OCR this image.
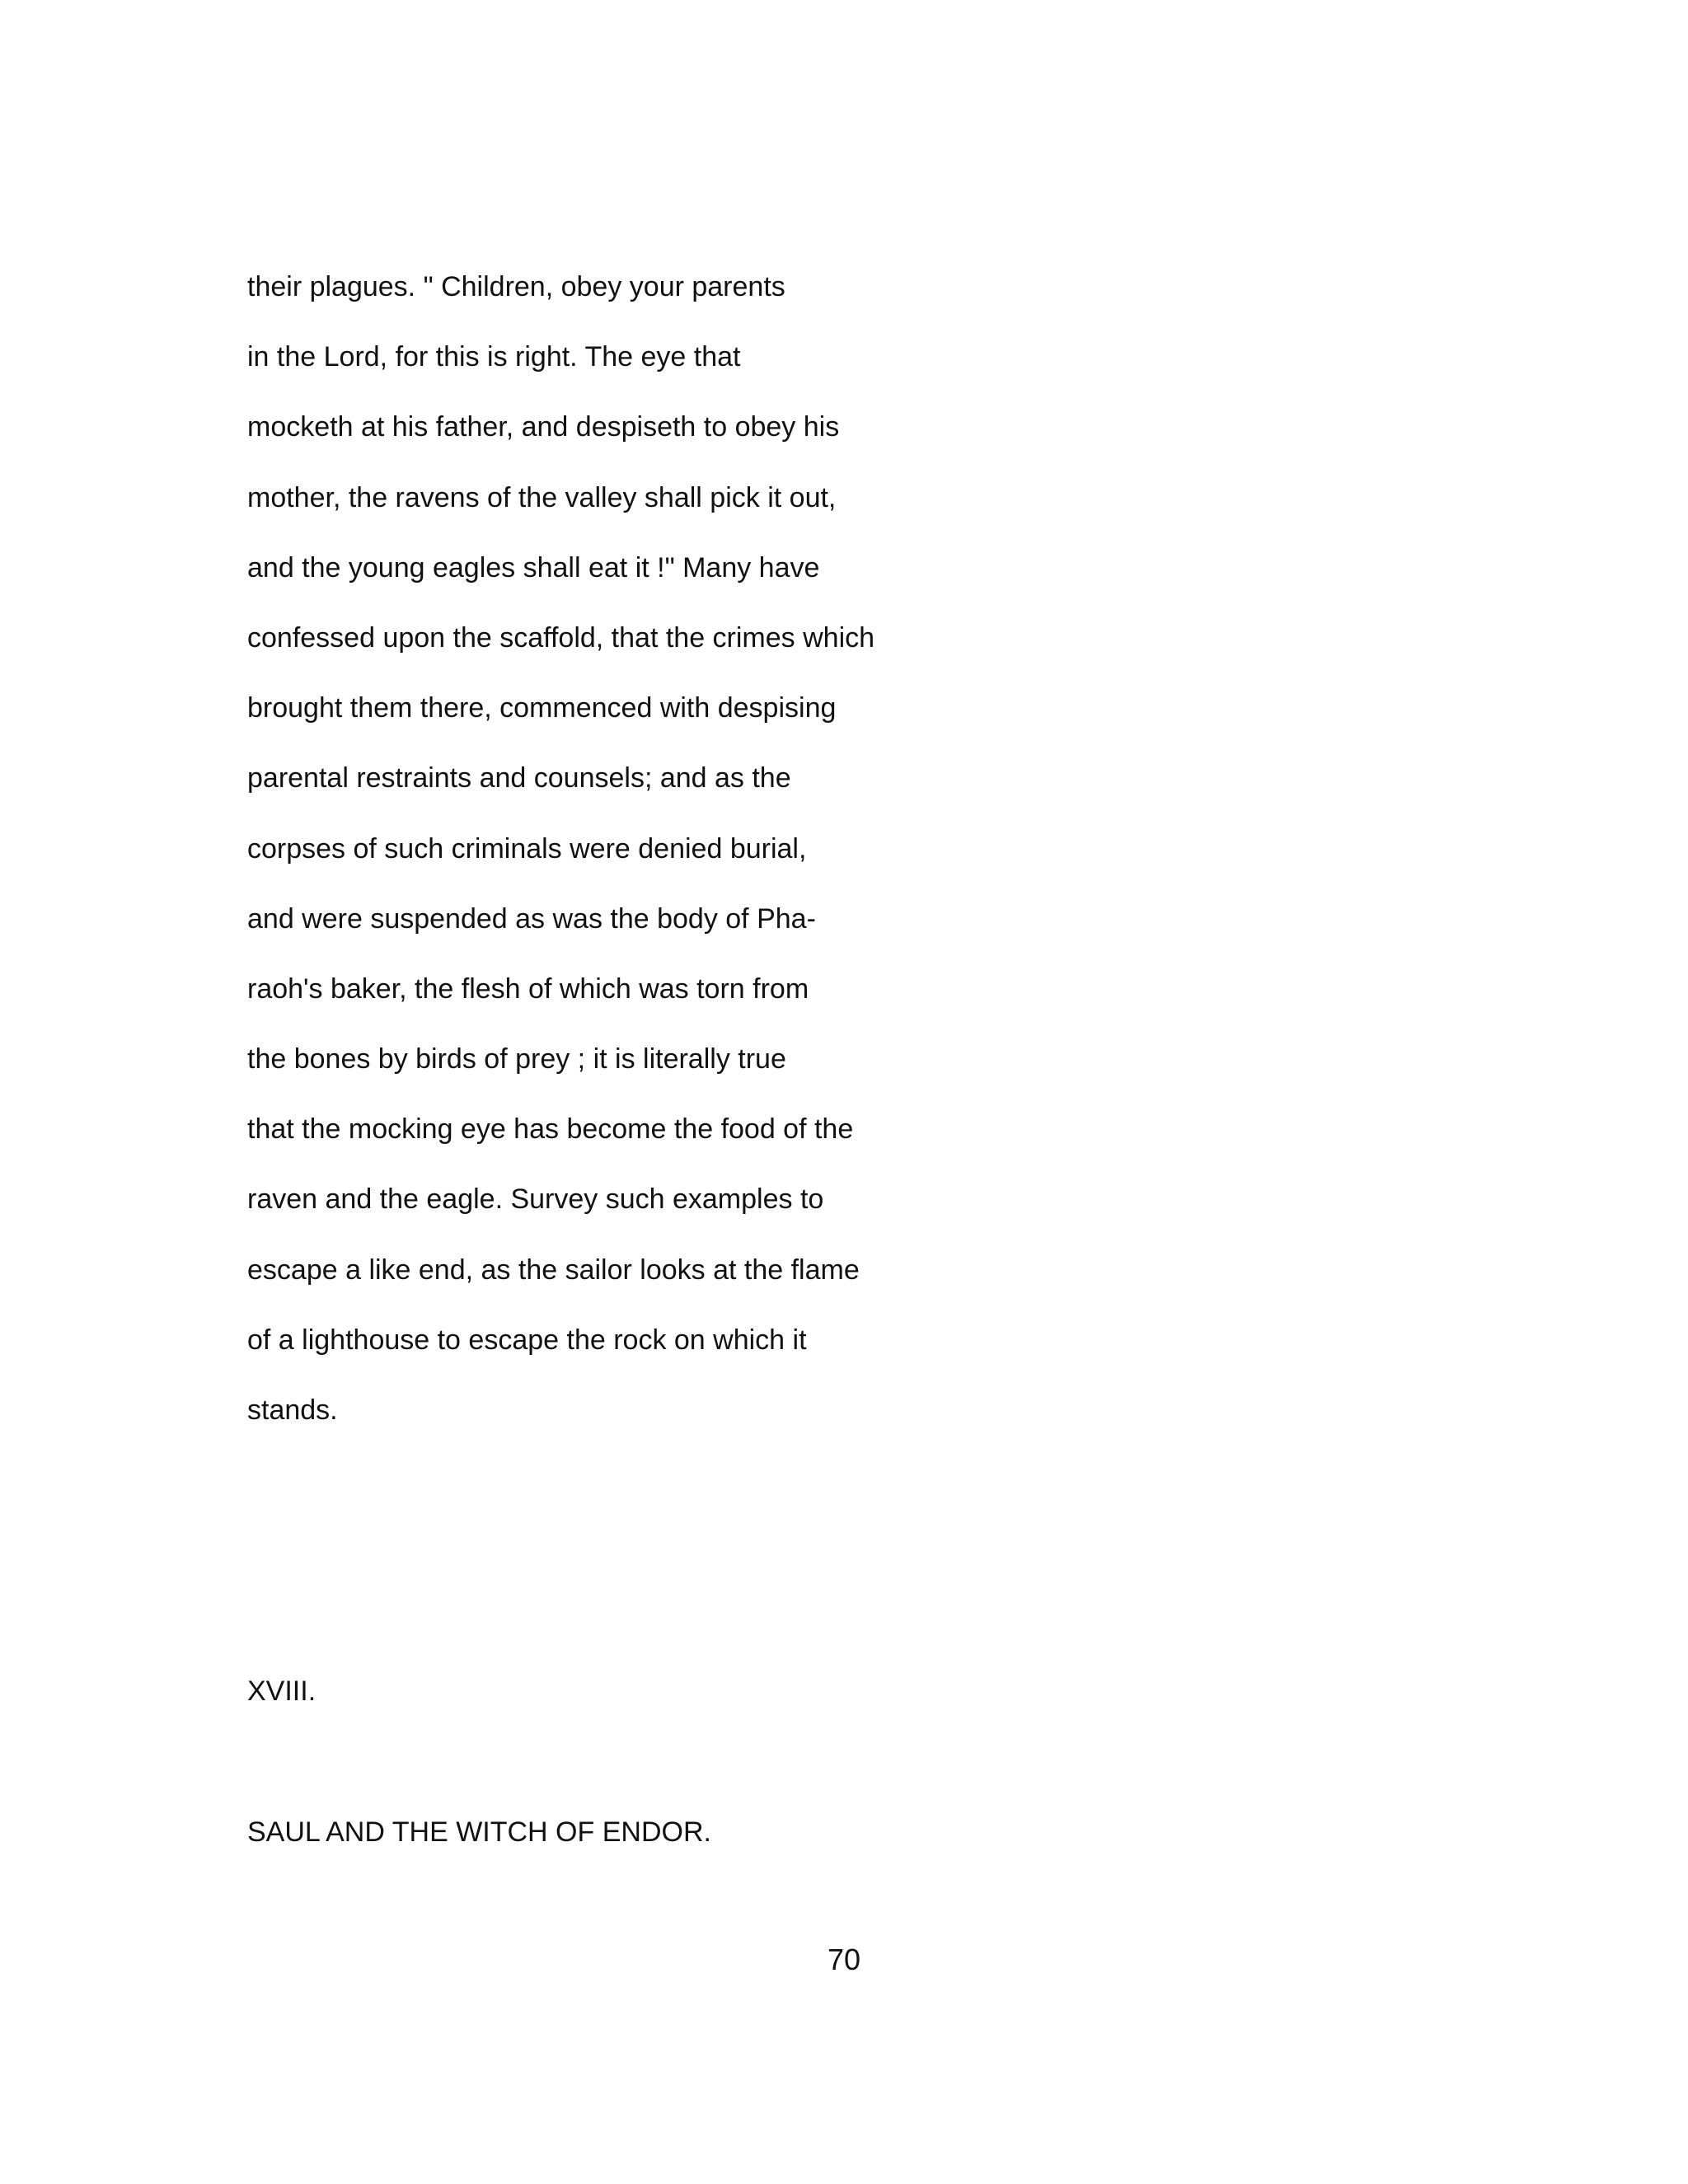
their plagues. " Children, obey your parents
in the Lord, for this is right. The eye that
mocketh at his father, and despiseth to obey his
mother, the ravens of the valley shall pick it out,
and the young eagles shall eat it !" Many have
confessed upon the scaffold, that the crimes which
brought them there, commenced with despising
parental restraints and counsels; and as the
corpses of such criminals were denied burial,
and were suspended as was the body of Pha-
raoh's baker, the flesh of which was torn from
the bones by birds of prey ; it is literally true
that the mocking eye has become the food of the
raven and the eagle. Survey such examples to
escape a like end, as the sailor looks at the flame
of a lighthouse to escape the rock on which it
stands.
XVIII.
SAUL AND THE WITCH OF ENDOR.
70
